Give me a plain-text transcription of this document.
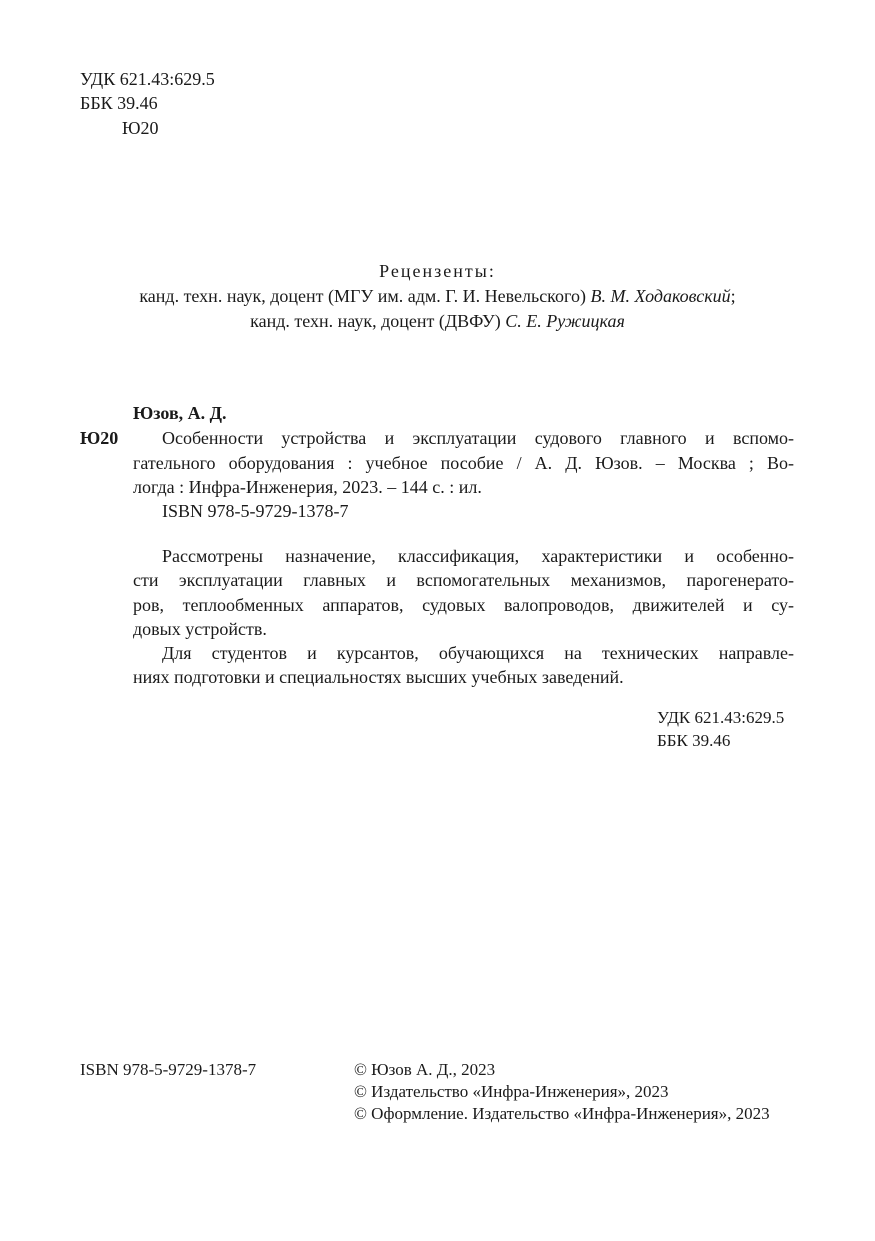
УДК 621.43:629.5
ББК 39.46
Ю20
Рецензенты:
канд. техн. наук, доцент (МГУ им. адм. Г. И. Невельского) В. М. Ходаковский;
канд. техн. наук, доцент (ДВФУ) С. Е. Ружицкая
Юзов, А. Д.
Ю20 Особенности устройства и эксплуатации судового главного и вспомо-
гательного оборудования : учебное пособие / А. Д. Юзов. – Москва ; Во-
логда : Инфра-Инженерия, 2023. – 144 с. : ил.
ISBN 978-5-9729-1378-7
Рассмотрены назначение, классификация, характеристики и особенно-
сти эксплуатации главных и вспомогательных механизмов, парогенерато-
ров, теплообменных аппаратов, судовых валопроводов, движителей и су-
довых устройств.
Для студентов и курсантов, обучающихся на технических направле-
ниях подготовки и специальностях высших учебных заведений.
УДК 621.43:629.5
ББК 39.46
ISBN 978-5-9729-1378-7	© Юзов А. Д., 2023
© Издательство «Инфра-Инженерия», 2023
© Оформление. Издательство «Инфра-Инженерия», 2023
